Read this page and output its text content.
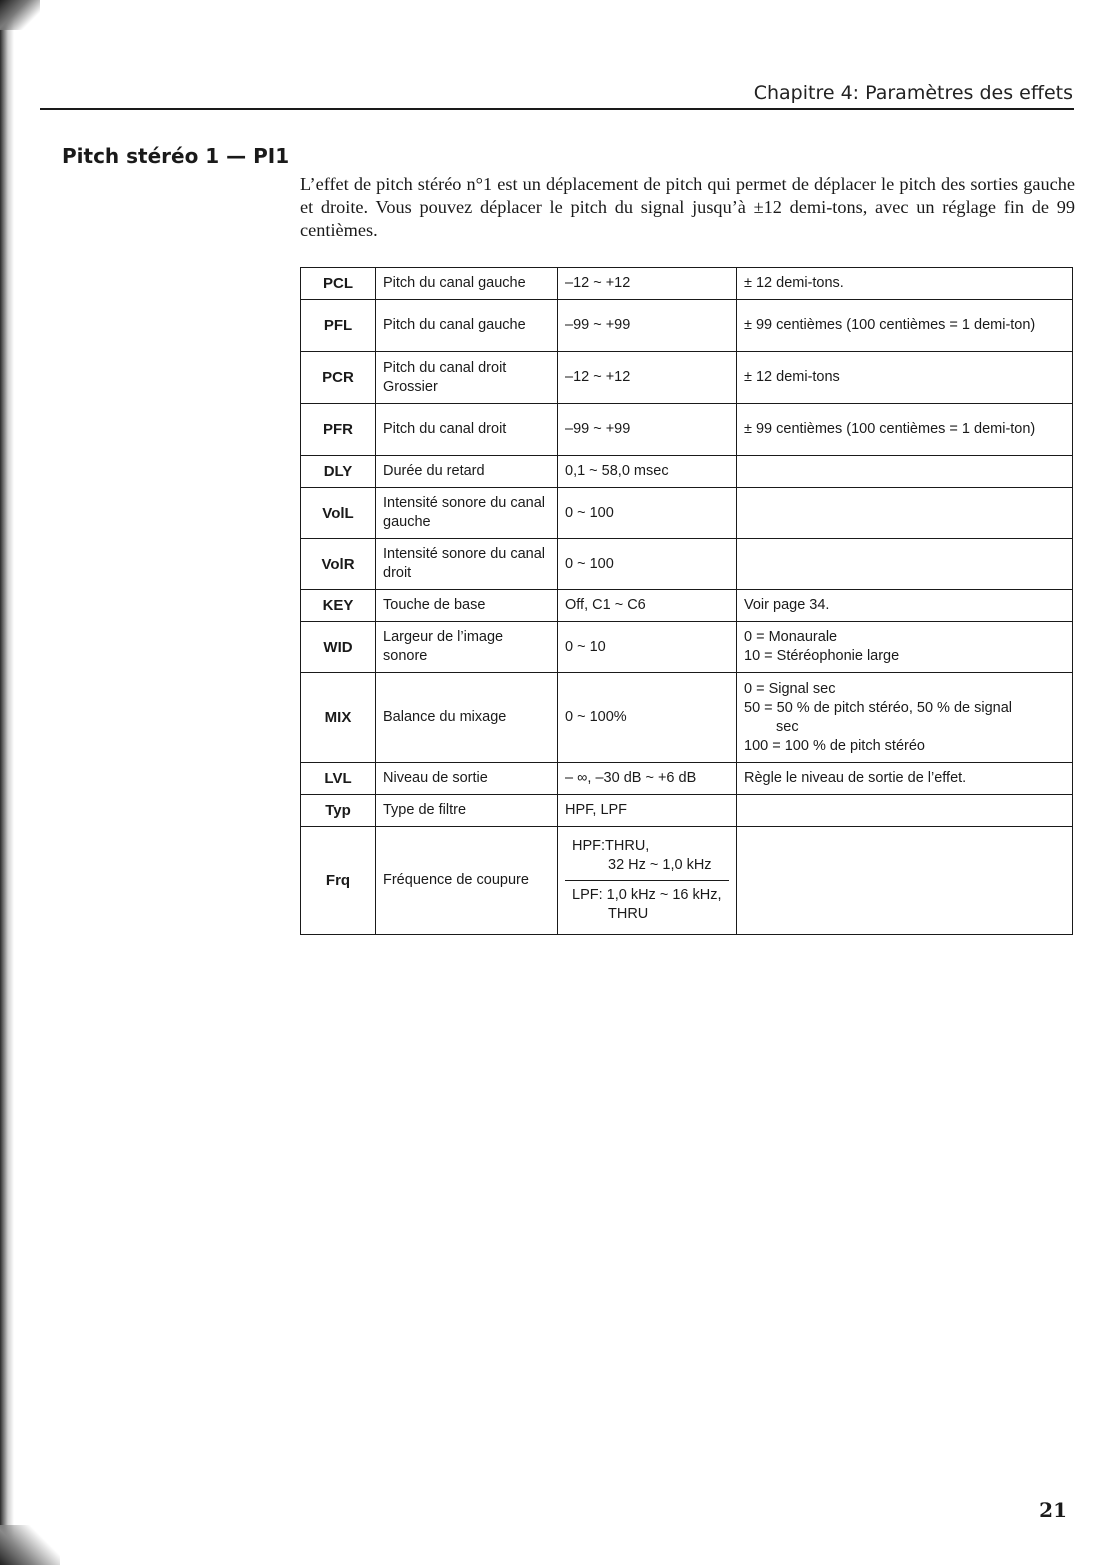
Chapitre 4: Paramètres des effets
Pitch stéréo 1 — PI1
L’effet de pitch stéréo n°1 est un déplacement de pitch qui permet de déplacer le pitch des sorties gauche et droite. Vous pouvez déplacer le pitch du signal jusqu’à ±12 demi-tons, avec un réglage fin de 99 centièmes.
PCL	Pitch du canal gauche	–12 ~ +12	± 12 demi-tons.

PFL	Pitch du canal gauche	–99 ~ +99	± 99 centièmes (100 centièmes = 1 demi-ton)

PCR	Pitch du canal droit Grossier	–12 ~ +12	± 12 demi-tons

PFR	Pitch du canal droit	–99 ~ +99	± 99 centièmes (100 centièmes = 1 demi-ton)

DLY	Durée du retard	0,1 ~ 58,0 msec	

VolL	Intensité sonore du canal gauche	0 ~ 100	

VolR	Intensité sonore du canal droit	0 ~ 100	

KEY	Touche de base	Off, C1 ~ C6	Voir page 34.

WID	Largeur de l’image sonore	0 ~ 10	0 = Monaurale
10 = Stéréophonie large

MIX	Balance du mixage	0 ~ 100%	0 = Signal sec
50 = 50 % de pitch stéréo, 50 % de signal
sec
100 = 100 % de pitch stéréo

LVL	Niveau de sortie	– ∞, –30 dB ~ +6 dB	Règle le niveau de sortie de l’effet.

Typ	Type de filtre	HPF, LPF	

Frq	Fréquence de coupure	HPF:THRU,
32 Hz ~ 1,0 kHz
LPF: 1,0 kHz ~ 16 kHz,
THRU	

21
